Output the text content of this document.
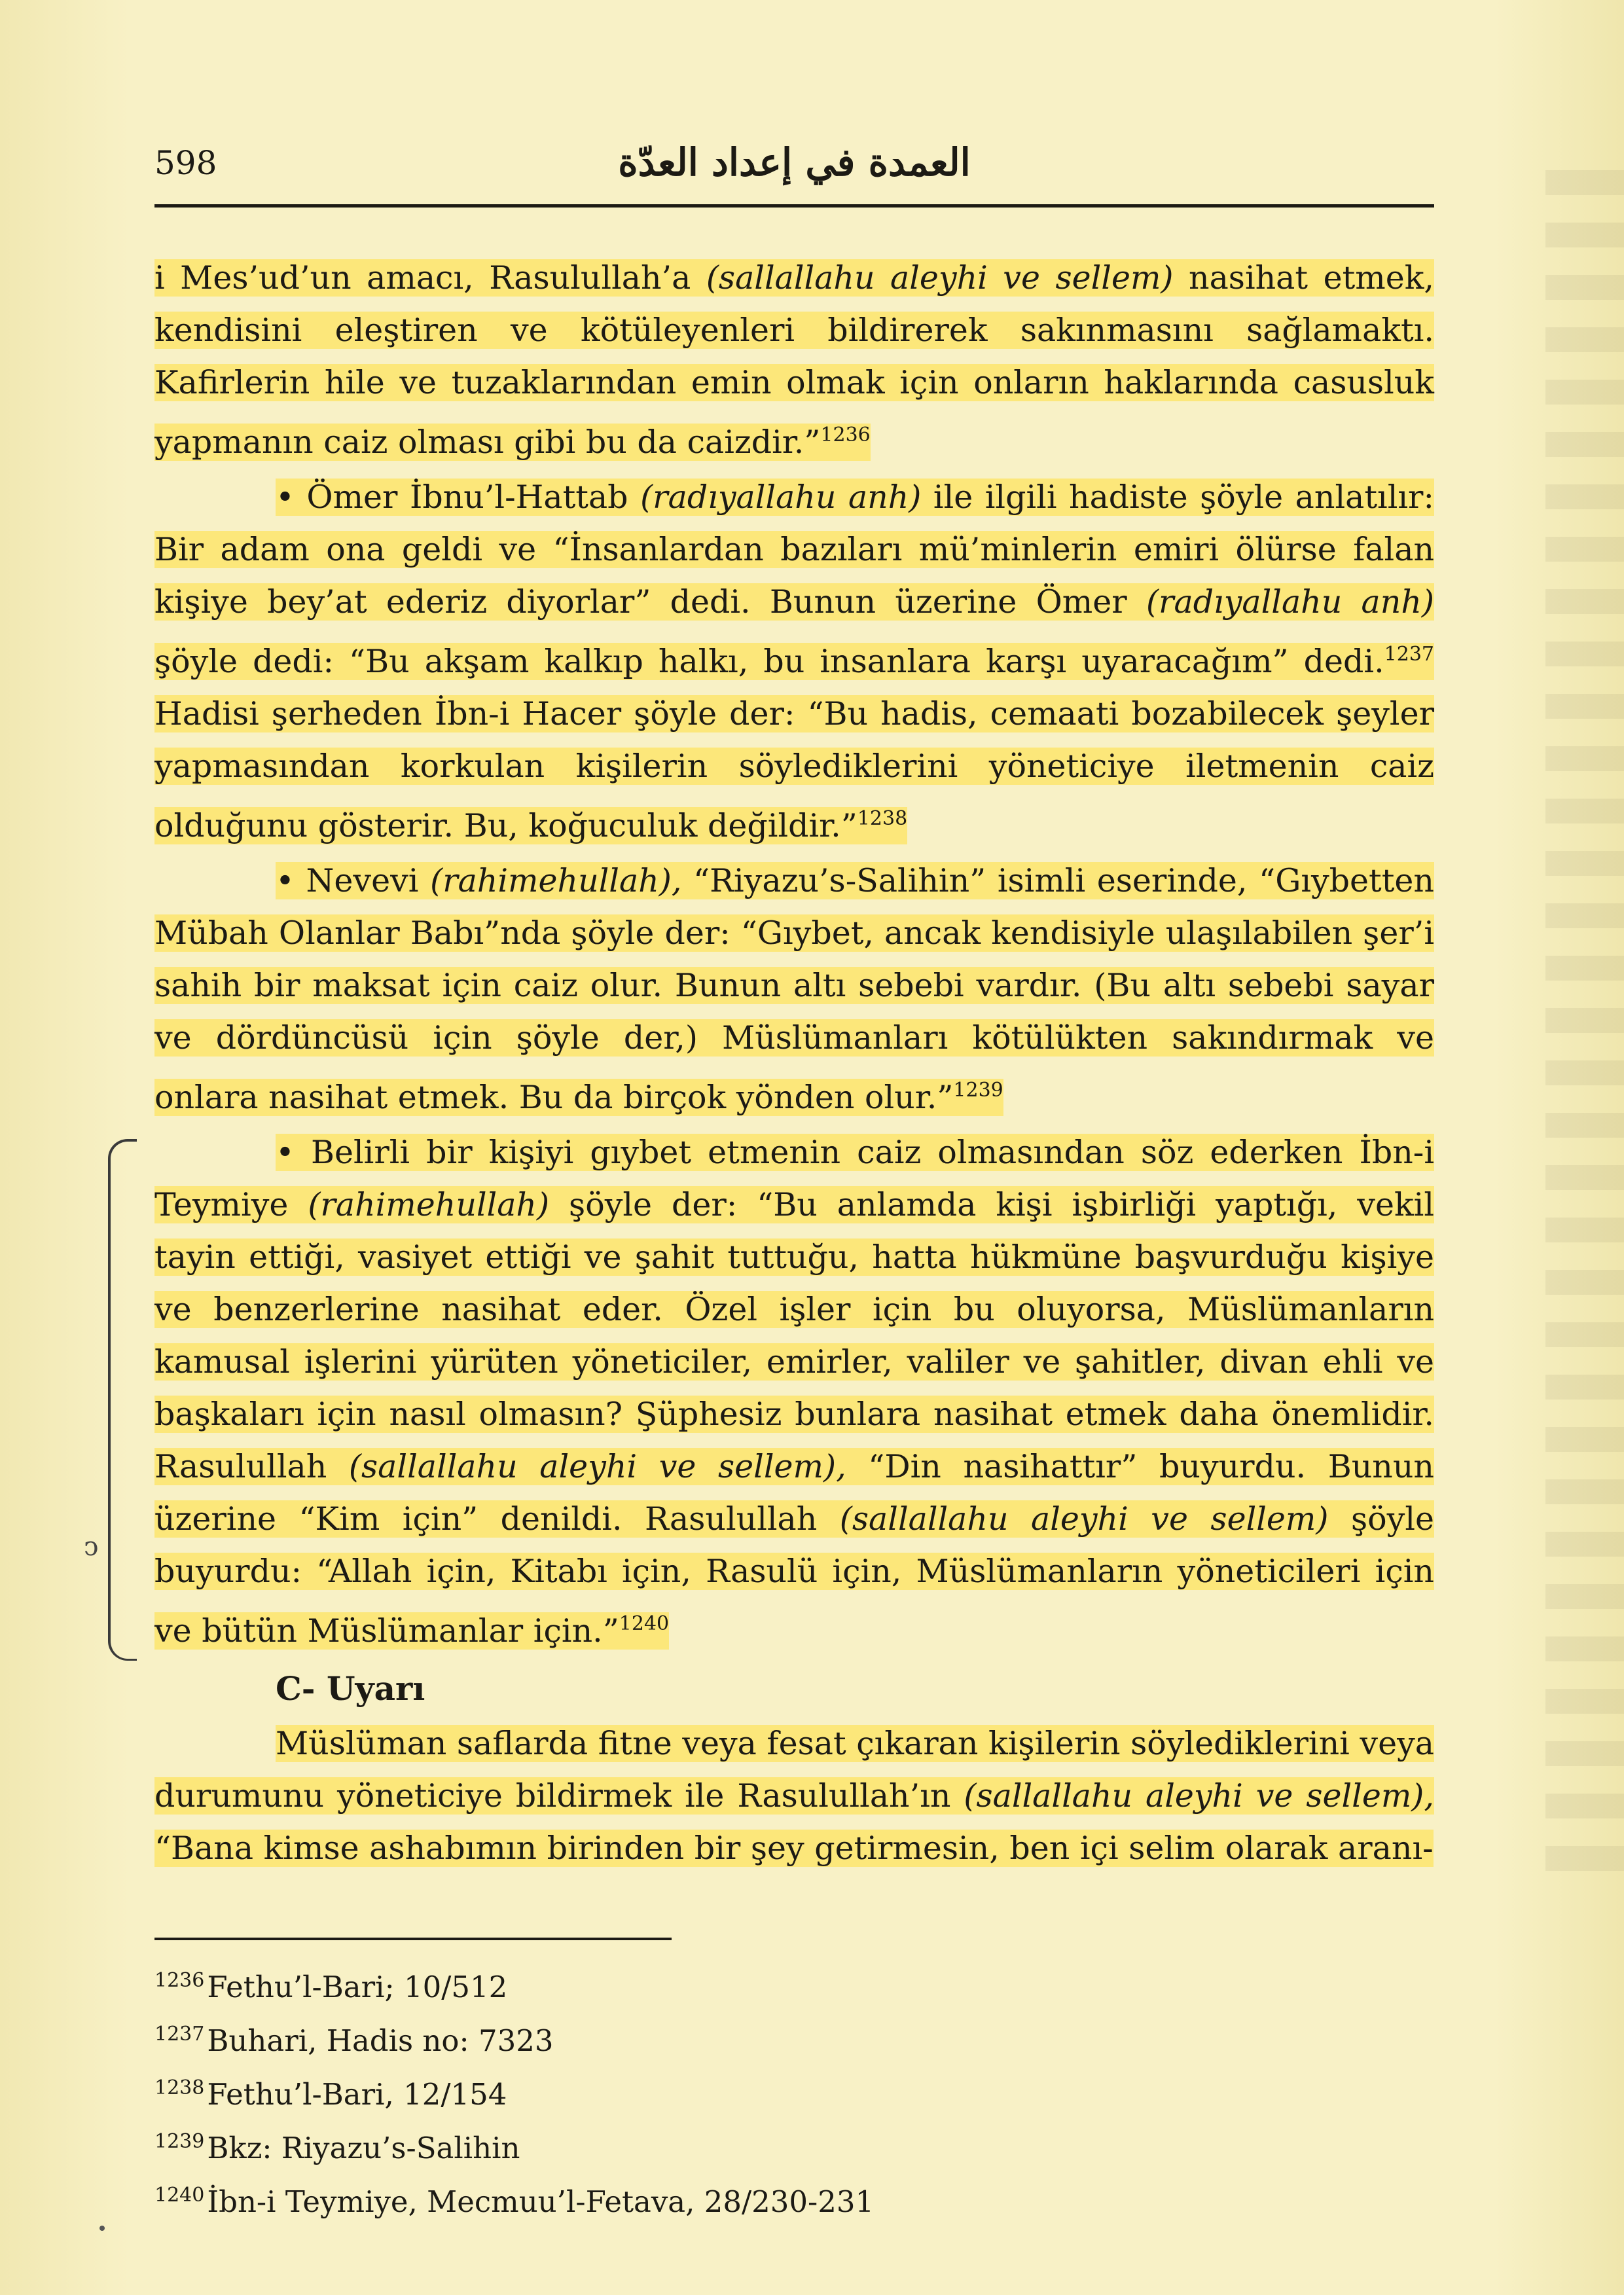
598	العمدة في إعداد العدّة

i Mes’ud’un amacı, Rasulullah’a (sallallahu aleyhi ve sellem) nasihat etmek, kendisini eleştiren ve kötüleyenleri bildirerek sakınmasını sağlamaktı. Kafirlerin hile ve tuzaklarından emin olmak için onların haklarında casusluk yapmanın caiz olması gibi bu da caizdir.”$^{1236}$

• Ömer İbnu’l-Hattab (radıyallahu anh) ile ilgili hadiste şöyle anlatılır: Bir adam ona geldi ve “İnsanlardan bazıları mü’minlerin emiri ölürse falan kişiye bey’at ederiz diyorlar” dedi. Bunun üzerine Ömer (radıyallahu anh) şöyle dedi: “Bu akşam kalkıp halkı, bu insanlara karşı uyaracağım” dedi.$^{1237}$ Hadisi şerheden İbn-i Hacer şöyle der: “Bu hadis, cemaati bozabilecek şeyler yapmasından korkulan kişilerin söylediklerini yöneticiye iletmenin caiz olduğunu gösterir. Bu, koğuculuk değildir.”$^{1238}$

• Nevevi (rahimehullah), “Riyazu’s-Salihin” isimli eserinde, “Gıybetten Mübah Olanlar Babı”nda şöyle der: “Gıybet, ancak kendisiyle ulaşılabilen şer’i sahih bir maksat için caiz olur. Bunun altı sebebi vardır. (Bu altı sebebi sayar ve dördüncüsü için şöyle der,) Müslümanları kötülükten sakındırmak ve onlara nasihat etmek. Bu da birçok yönden olur.”$^{1239}$

• Belirli bir kişiyi gıybet etmenin caiz olmasından söz ederken İbn-i Teymiye (rahimehullah) şöyle der: “Bu anlamda kişi işbirliği yaptığı, vekil tayin ettiği, vasiyet ettiği ve şahit tuttuğu, hatta hükmüne başvurduğu kişiye ve benzerlerine nasihat eder. Özel işler için bu oluyorsa, Müslümanların kamusal işlerini yürüten yöneticiler, emirler, valiler ve şahitler, divan ehli ve başkaları için nasıl olmasın? Şüphesiz bunlara nasihat etmek daha önemlidir. Rasulullah (sallallahu aleyhi ve sellem), “Din nasihattır” buyurdu. Bunun üzerine “Kim için” denildi. Rasulullah (sallallahu aleyhi ve sellem) şöyle buyurdu: “Allah için, Kitabı için, Rasulü için, Müslümanların yöneticileri için ve bütün Müslümanlar için.”$^{1240}$

C- Uyarı

Müslüman saflarda fitne veya fesat çıkaran kişilerin söylediklerini veya durumunu yöneticiye bildirmek ile Rasulullah’ın (sallallahu aleyhi ve sellem), “Bana kimse ashabımın birinden bir şey getirmesin, ben içi selim olarak aranı-

ↄ
$^{1236}$Fethu’l-Bari; 10/512
$^{1237}$Buhari, Hadis no: 7323
$^{1238}$Fethu’l-Bari, 12/154
$^{1239}$Bkz: Riyazu’s-Salihin
$^{1240}$İbn-i Teymiye, Mecmuu’l-Fetava, 28/230-231
